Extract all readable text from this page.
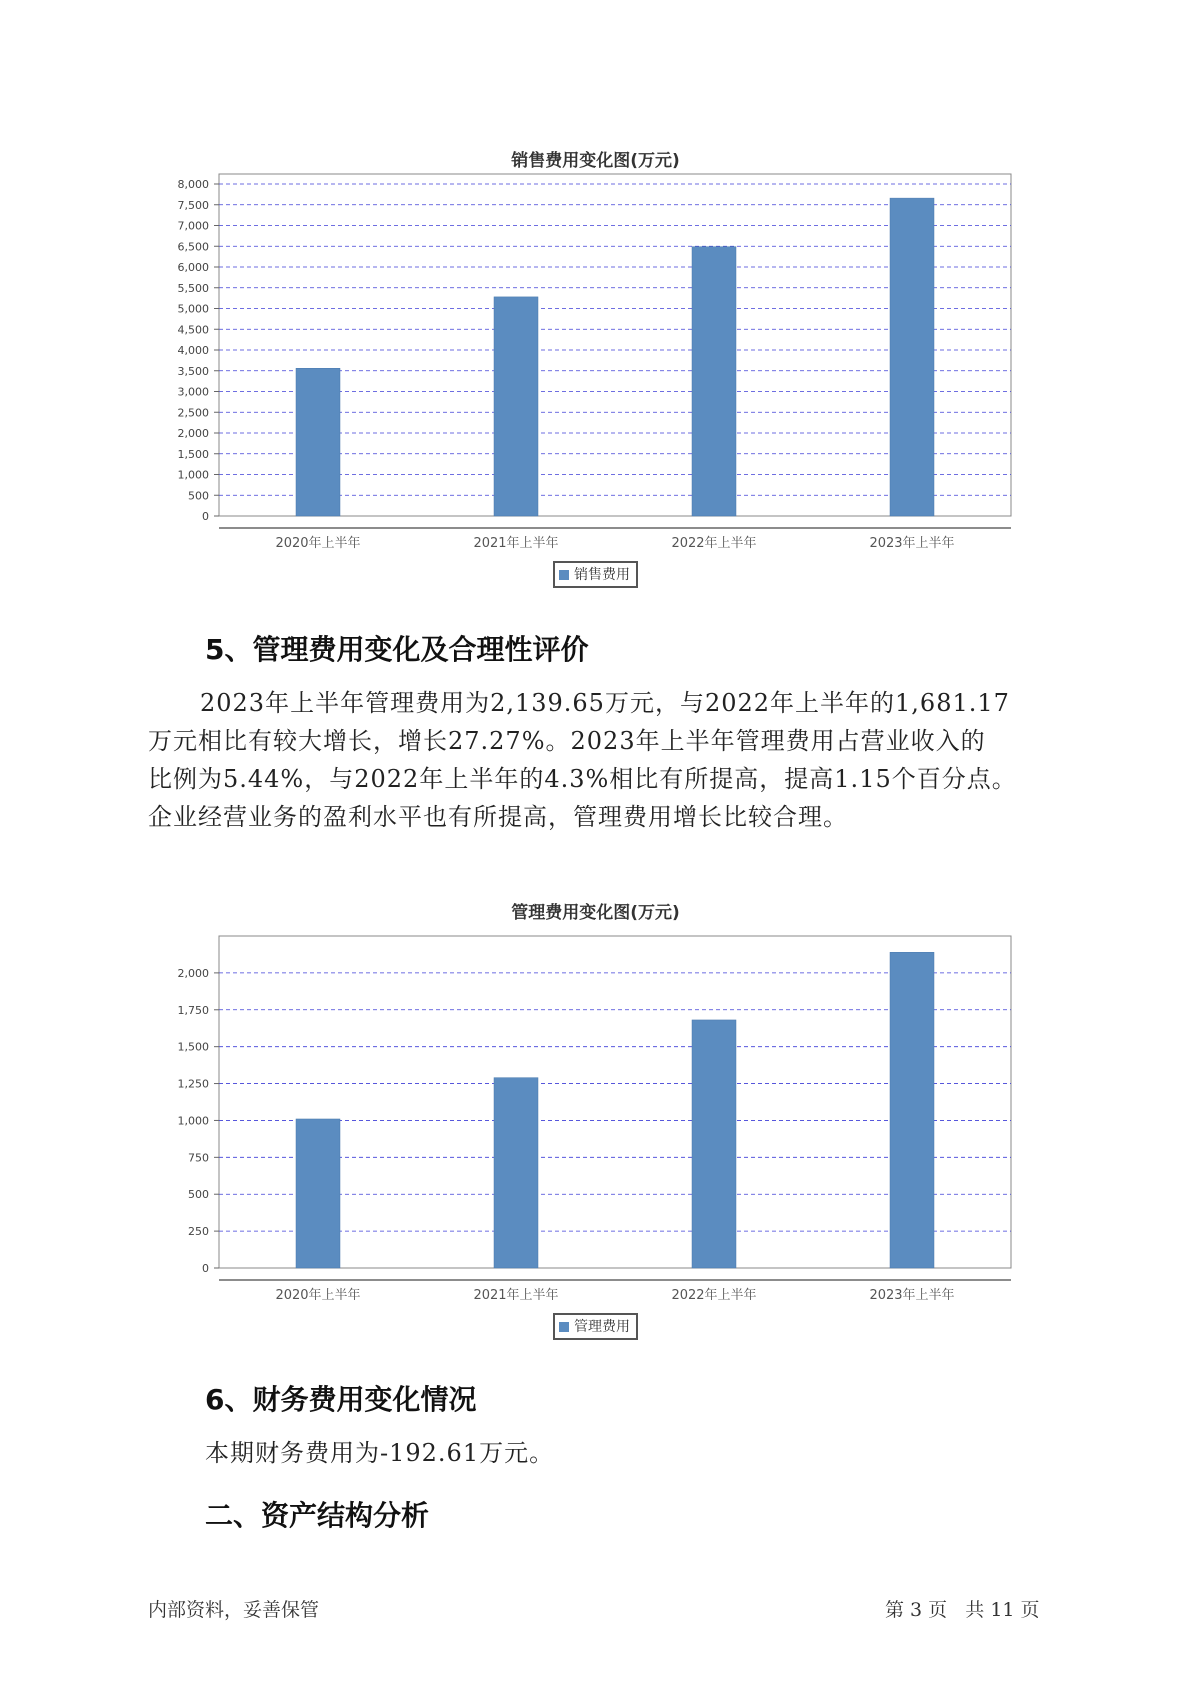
销售费用变化图(万元)
0
500
1,000
1,500
2,000
2,500
3,000
3,500
4,000
4,500
5,000
5,500
6,000
6,500
7,000
7,500
8,000
2020年上半年	2021年上半年	2022年上半年	2023年上半年
销售费用
5、管理费用变化及合理性评价
2023年上半年管理费用为2,139.65万元，与2022年上半年的1,681.17
万元相比有较大增长，增长27.27%。2023年上半年管理费用占营业收入的
比例为5.44%，与2022年上半年的4.3%相比有所提高，提高1.15个百分点。
企业经营业务的盈利水平也有所提高，管理费用增长比较合理。
管理费用变化图(万元)
0
250
500
750
1,000
1,250
1,500
1,750
2,000
2020年上半年	2021年上半年	2022年上半年	2023年上半年
管理费用
6、财务费用变化情况
本期财务费用为-192.61万元。
二、资产结构分析
内部资料，妥善保管	第 3 页   共 11 页
